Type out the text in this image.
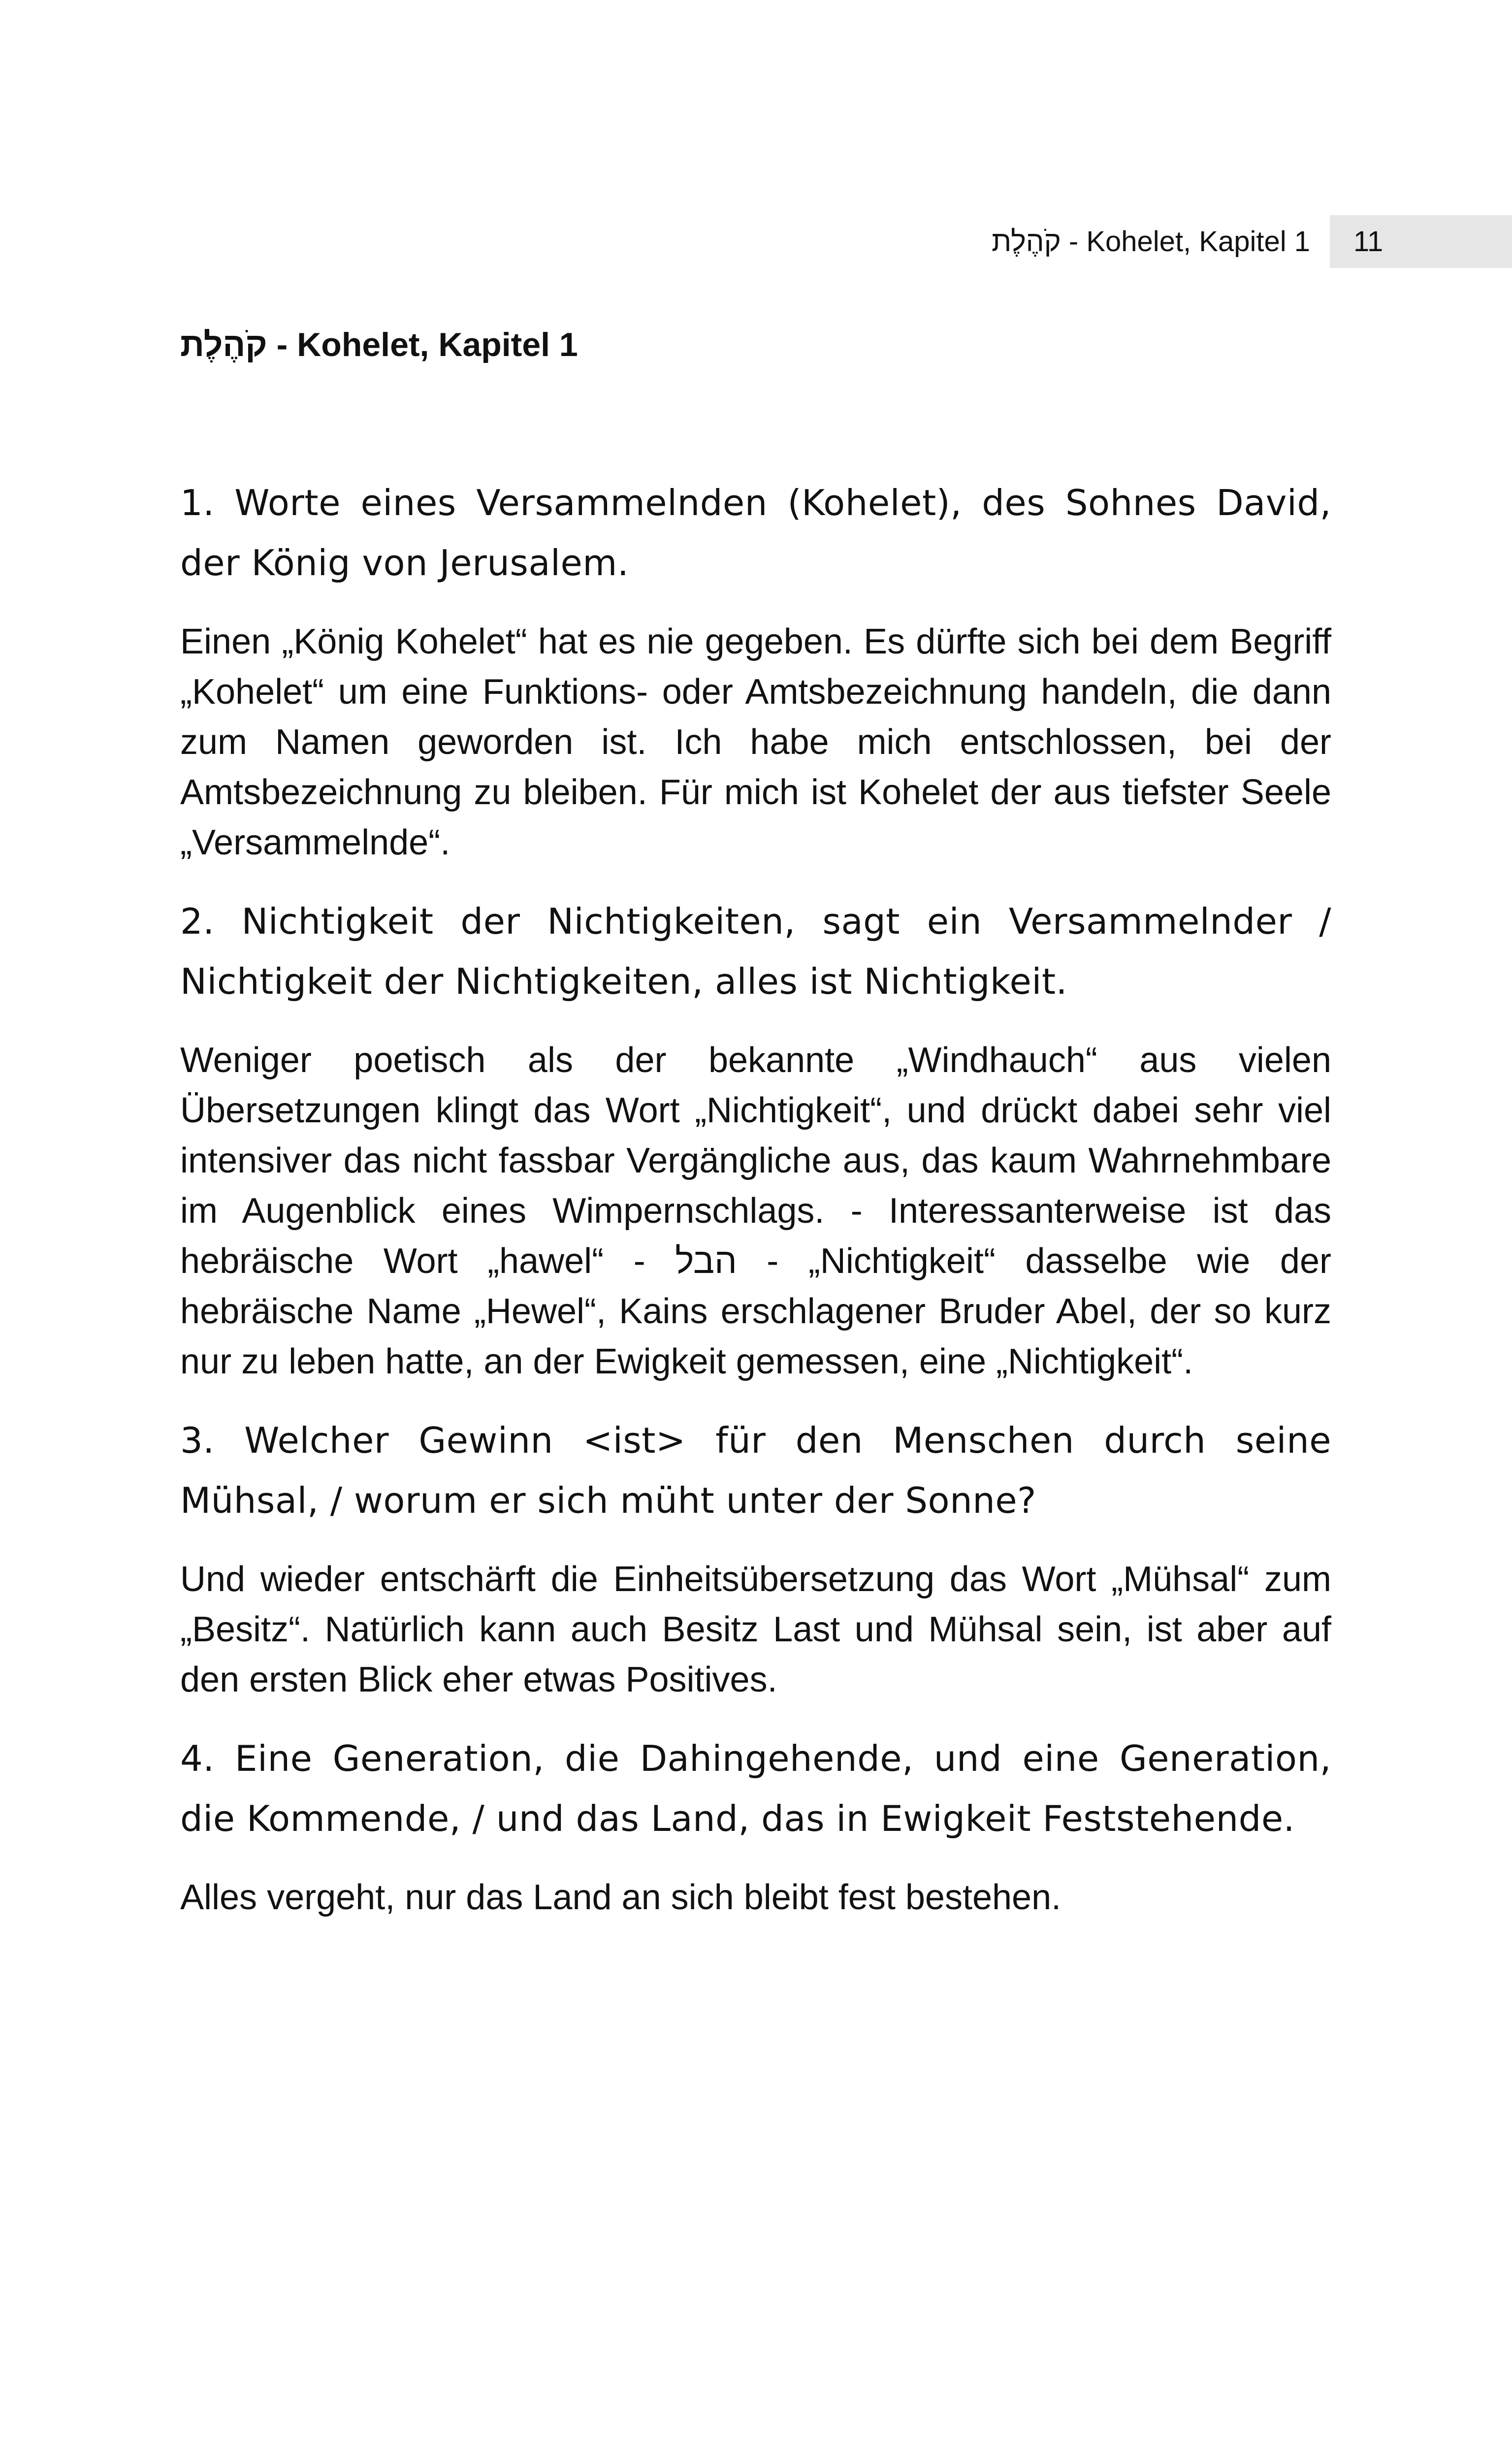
קֹהֶלֶת - Kohelet, Kapitel 1	11
קֹהֶלֶת - Kohelet, Kapitel 1

1. Worte eines Versammelnden (Kohelet), des Sohnes David, der König von Jerusalem.

Einen „König Kohelet“ hat es nie gegeben. Es dürfte sich bei dem Begriff „Kohelet“ um eine Funktions- oder Amtsbezeichnung handeln, die dann zum Namen geworden ist. Ich habe mich entschlossen, bei der Amtsbezeichnung zu bleiben. Für mich ist Kohelet der aus tiefster Seele „Versammelnde“.

2. Nichtigkeit der Nichtigkeiten, sagt ein Versammelnder / Nichtigkeit der Nichtigkeiten, alles ist Nichtigkeit.

Weniger poetisch als der bekannte „Windhauch“ aus vielen Übersetzungen klingt das Wort „Nichtigkeit“, und drückt dabei sehr viel intensiver das nicht fassbar Vergängliche aus, das kaum Wahrnehmbare im Augenblick eines Wimpernschlags. - Interessanterweise ist das hebräische Wort „hawel“ - הבל - „Nichtigkeit“ dasselbe wie der hebräische Name „Hewel“, Kains erschlagener Bruder Abel, der so kurz nur zu leben hatte, an der Ewigkeit gemessen, eine „Nichtigkeit“.

3. Welcher Gewinn <ist> für den Menschen durch seine Mühsal, / worum er sich müht unter der Sonne?

Und wieder entschärft die Einheitsübersetzung das Wort „Mühsal“ zum „Besitz“. Natürlich kann auch Besitz Last und Mühsal sein, ist aber auf den ersten Blick eher etwas Positives.

4. Eine Generation, die Dahingehende, und eine Generation, die Kommende, / und das Land, das in Ewigkeit Feststehende.

Alles vergeht, nur das Land an sich bleibt fest bestehen.
